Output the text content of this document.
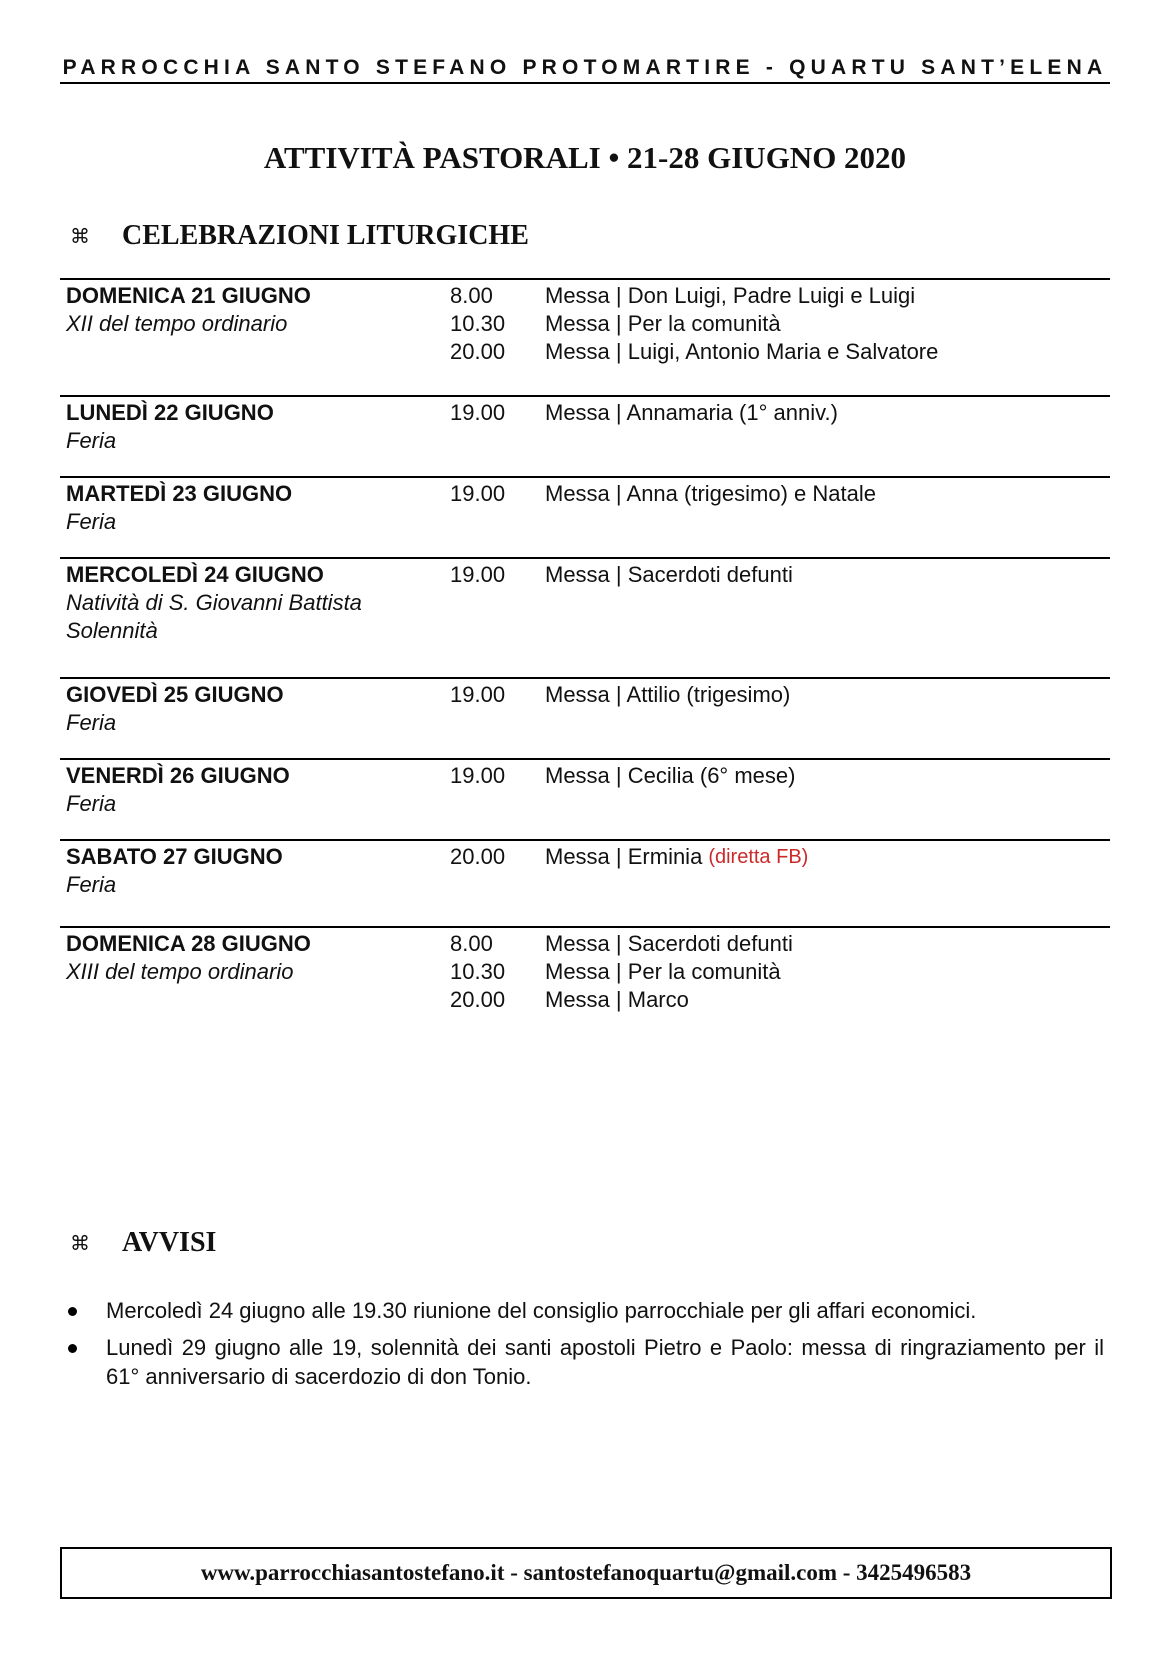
PARROCCHIA SANTO STEFANO PROTOMARTIRE - QUARTU SANT’ELENA
ATTIVITÀ PASTORALI • 21-28 GIUGNO 2020
⌘	CELEBRAZIONI LITURGICHE
DOMENICA 21 GIUGNO
XII del tempo ordinario
8.00	Messa | Don Luigi, Padre Luigi e Luigi
10.30	Messa | Per la comunità
20.00	Messa | Luigi, Antonio Maria e Salvatore
LUNEDÌ 22 GIUGNO
Feria
19.00	Messa | Annamaria (1° anniv.)
MARTEDÌ 23 GIUGNO
Feria
19.00	Messa | Anna (trigesimo) e Natale
MERCOLEDÌ 24 GIUGNO
Natività di S. Giovanni Battista
Solennità
19.00	Messa | Sacerdoti defunti
GIOVEDÌ 25 GIUGNO
Feria
19.00	Messa | Attilio (trigesimo)
VENERDÌ 26 GIUGNO
Feria
19.00	Messa | Cecilia (6° mese)
SABATO 27 GIUGNO
Feria
20.00	Messa | Erminia (diretta FB)
DOMENICA 28 GIUGNO
XIII del tempo ordinario
8.00	Messa | Sacerdoti defunti
10.30	Messa | Per la comunità
20.00	Messa | Marco
⌘	AVVISI
Mercoledì 24 giugno alle 19.30 riunione del consiglio parrocchiale per gli affari economici.
Lunedì 29 giugno alle 19, solennità dei santi apostoli Pietro e Paolo: messa di ringraziamento per il 61° anniversario di sacerdozio di don Tonio.
www.parrocchiasantostefano.it - santostefanoquartu@gmail.com - 3425496583
